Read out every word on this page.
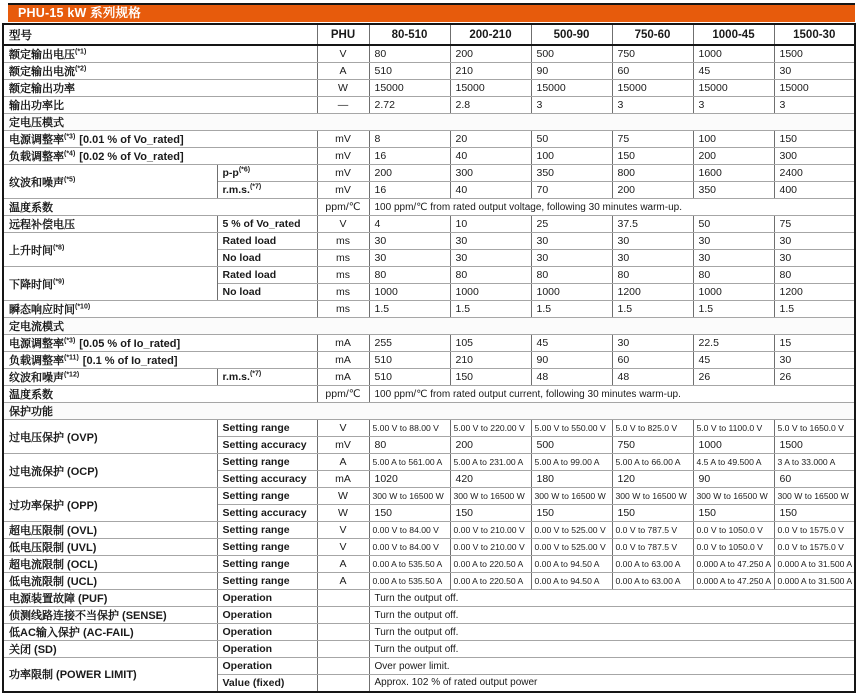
PHU-15 kW 系列规格
型号		PHU	80-510	200-210	500-90	750-60	1000-45	1500-30
额定输出电压$^{(*1)}$		V	80	200	500	750	1000	1500
额定输出电流$^{(*2)}$		A	510	210	90	60	45	30
额定输出功率		W	15000	15000	15000	15000	15000	15000
输出功率比		—	2.72	2.8	3	3	3	3
定电压模式								
电源调整率$^{(*3)}$ [0.01 % of Vo_rated]		mV	8	20	50	75	100	150
负载调整率$^{(*4)}$ [0.02 % of Vo_rated]		mV	16	40	100	150	200	300
纹波和噪声$^{(*5)}$	p-p$^{(*6)}$	mV	200	300	350	800	1600	2400
	r.m.s.$^{(*7)}$	mV	16	40	70	200	350	400
温度系数		ppm/℃	100 ppm/℃ from rated output voltage, following 30 minutes warm-up.					
远程补偿电压	5 % of Vo_rated	V	4	10	25	37.5	50	75
上升时间$^{(*8)}$	Rated load	ms	30	30	30	30	30	30
	No load	ms	30	30	30	30	30	30
下降时间$^{(*9)}$	Rated load	ms	80	80	80	80	80	80
	No load	ms	1000	1000	1000	1200	1000	1200
瞬态响应时间$^{(*10)}$		ms	1.5	1.5	1.5	1.5	1.5	1.5
定电流模式								
电源调整率$^{(*3)}$ [0.05 % of Io_rated]		mA	255	105	45	30	22.5	15
负载调整率$^{(*11)}$ [0.1 % of Io_rated]		mA	510	210	90	60	45	30
纹波和噪声$^{(*12)}$	r.m.s.$^{(*7)}$	mA	510	150	48	48	26	26
温度系数		ppm/℃	100 ppm/℃ from rated output current, following 30 minutes warm-up.					
保护功能								
过电压保护 (OVP)	Setting range	V	5.00 V to 88.00 V	5.00 V to 220.00 V	5.00 V to 550.00 V	5.0 V to 825.0 V	5.0 V to 1100.0 V	5.0 V to 1650.0 V
	Setting accuracy	mV	80	200	500	750	1000	1500
过电流保护 (OCP)	Setting range	A	5.00 A to 561.00 A	5.00 A to 231.00 A	5.00 A to 99.00 A	5.00 A to 66.00 A	4.5 A to 49.500 A	3 A to 33.000 A
	Setting accuracy	mA	1020	420	180	120	90	60
过功率保护 (OPP)	Setting range	W	300 W to 16500 W	300 W to 16500 W	300 W to 16500 W	300 W to 16500 W	300 W to 16500 W	300 W to 16500 W
	Setting accuracy	W	150	150	150	150	150	150
超电压限制 (OVL)	Setting range	V	0.00 V to 84.00 V	0.00 V to 210.00 V	0.00 V to 525.00 V	0.0 V to 787.5 V	0.0 V to 1050.0 V	0.0 V to 1575.0 V
低电压限制 (UVL)	Setting range	V	0.00 V to 84.00 V	0.00 V to 210.00 V	0.00 V to 525.00 V	0.0 V to 787.5 V	0.0 V to 1050.0 V	0.0 V to 1575.0 V
超电流限制 (OCL)	Setting range	A	0.00 A to 535.50 A	0.00 A to 220.50 A	0.00 A to 94.50 A	0.00 A to 63.00 A	0.000 A to 47.250 A	0.000 A to 31.500 A
低电流限制 (UCL)	Setting range	A	0.00 A to 535.50 A	0.00 A to 220.50 A	0.00 A to 94.50 A	0.00 A to 63.00 A	0.000 A to 47.250 A	0.000 A to 31.500 A
电源装置故障 (PUF)	Operation		Turn the output off.					
侦测线路连接不当保护 (SENSE)	Operation		Turn the output off.					
低AC输入保护 (AC-FAIL)	Operation		Turn the output off.					
关闭 (SD)	Operation		Turn the output off.					
功率限制 (POWER LIMIT)	Operation		Over power limit.					
	Value (fixed)		Approx. 102 % of rated output power					
